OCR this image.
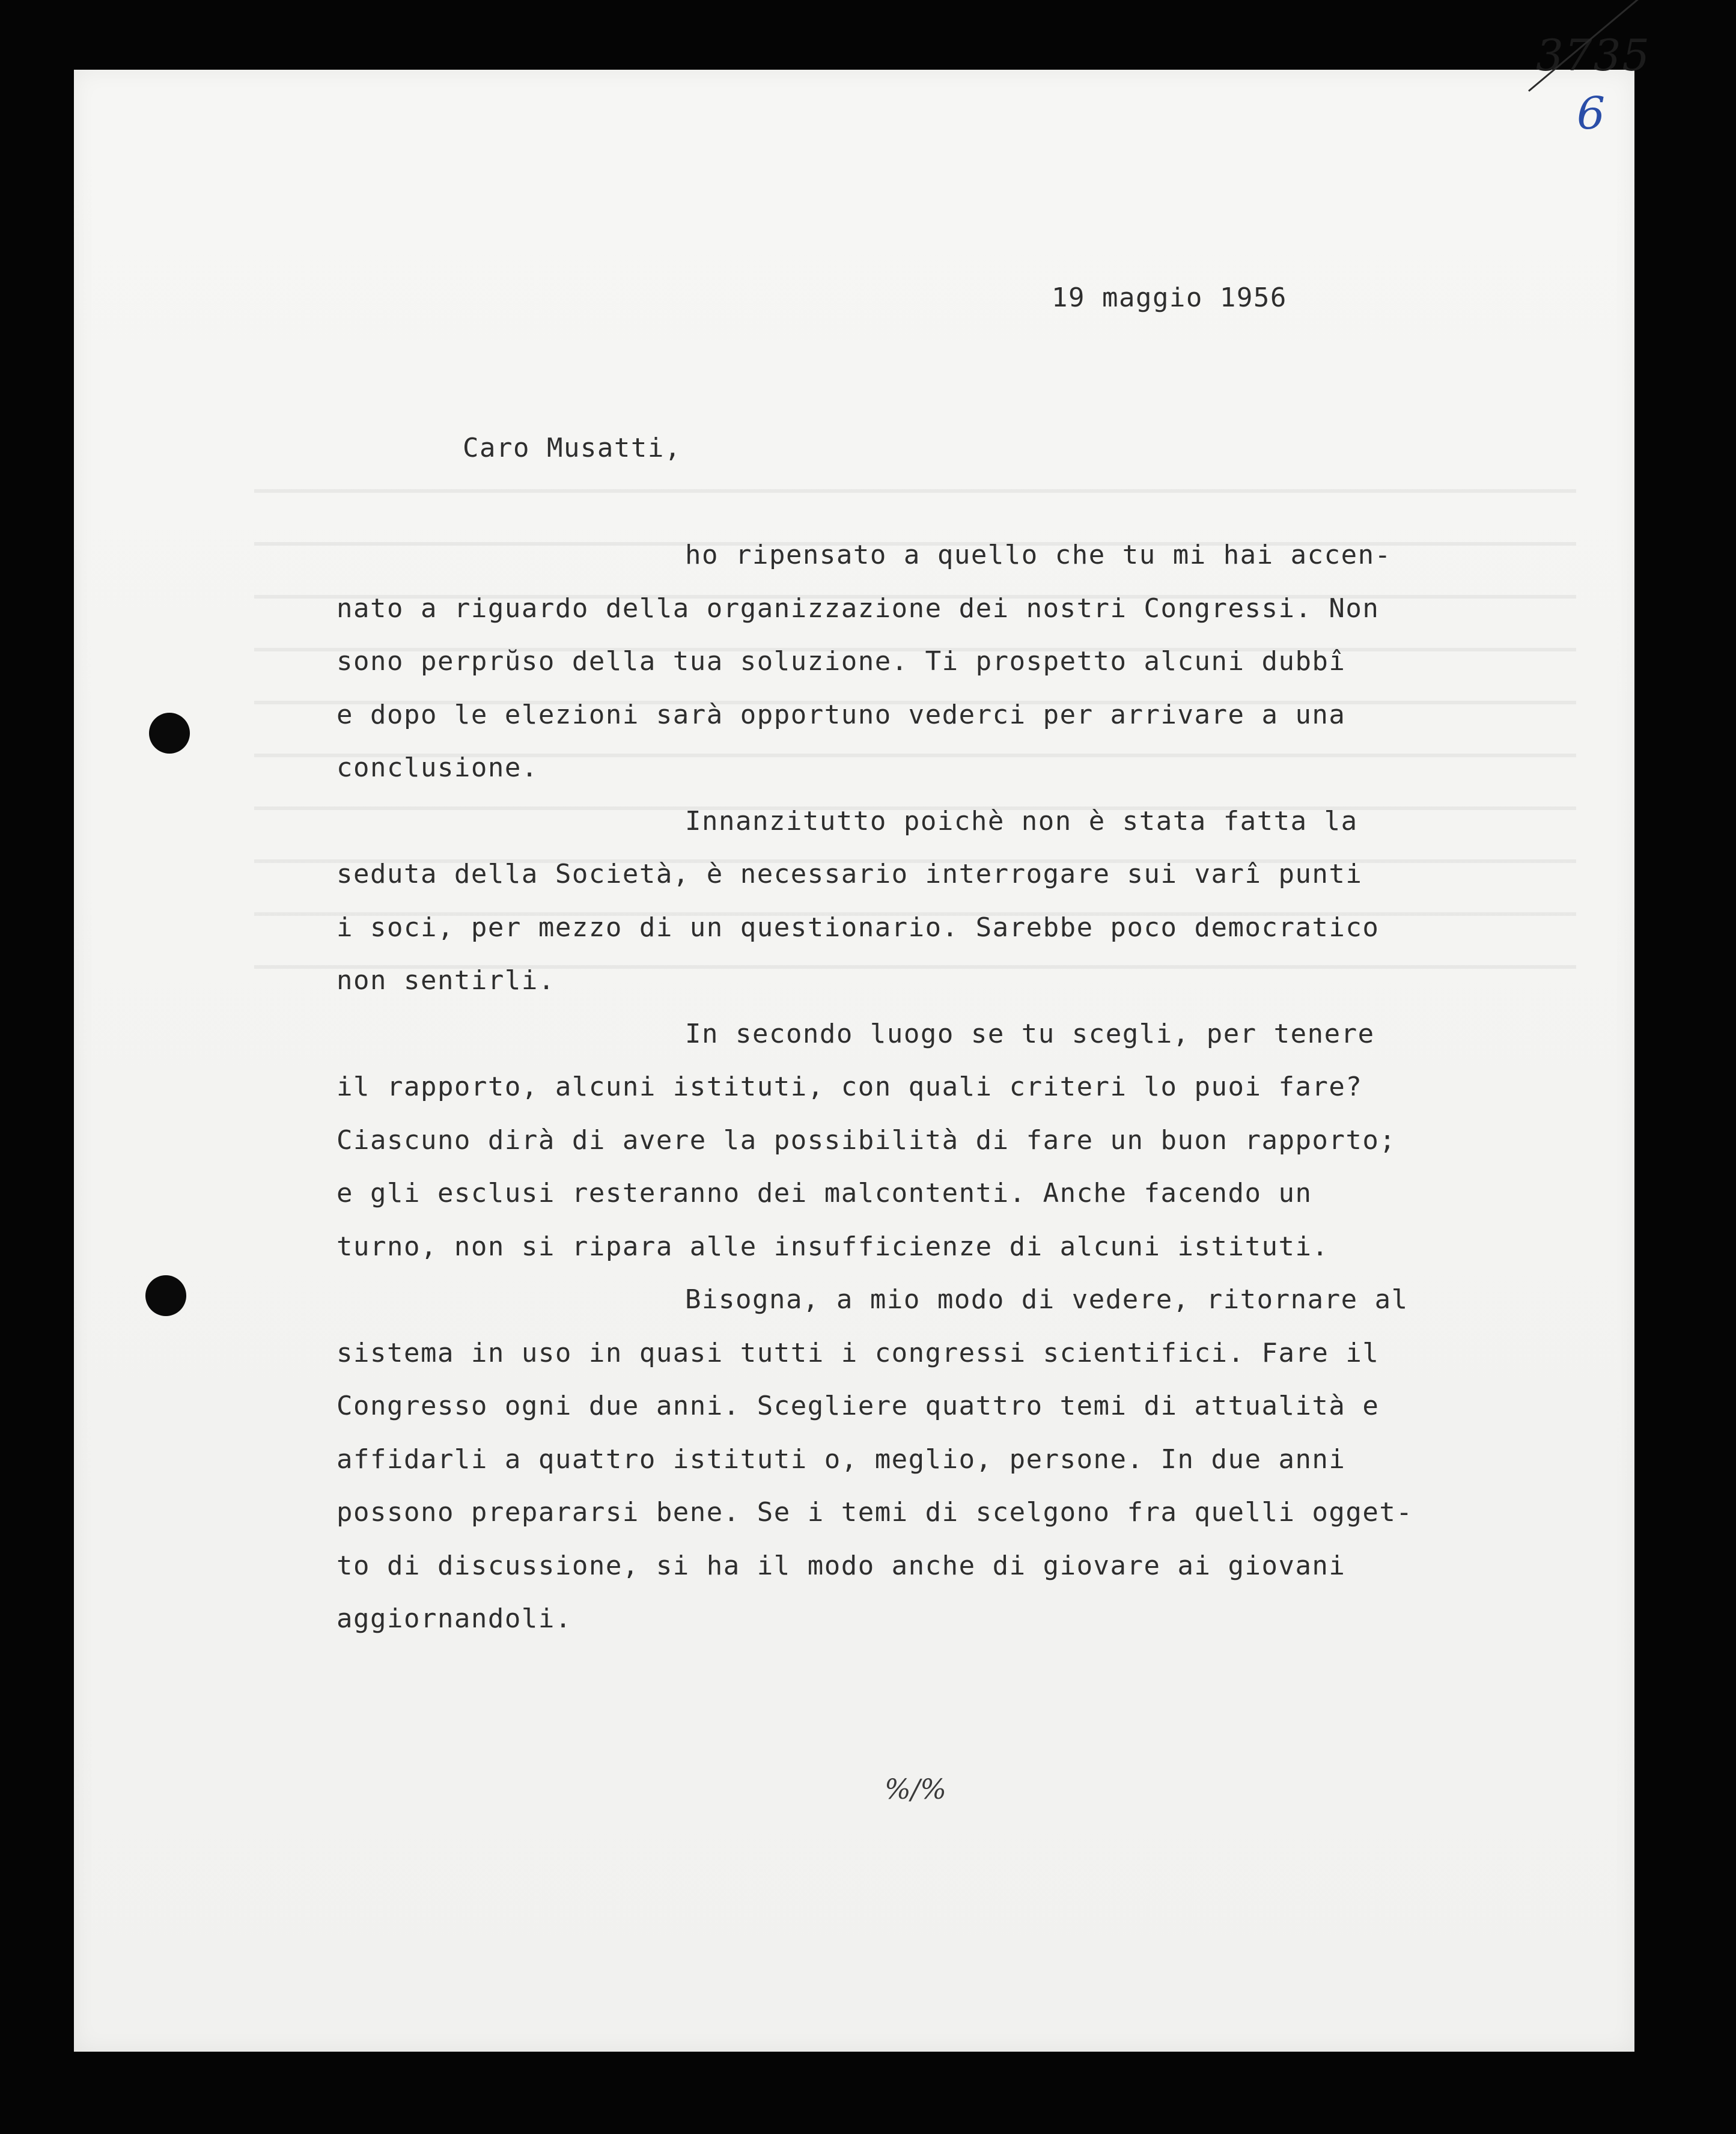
3735
6
19 maggio 1956
Caro Musatti,
ho ripensato a quello che tu mi hai accen-
nato a riguardo della organizzazione dei nostri Congressi. Non
sono perprŭso della tua soluzione. Ti prospetto alcuni dubbî
e dopo le elezioni sarà opportuno vederci per arrivare a una
conclusione.
Innanzitutto poichè non è stata fatta la
seduta della Società, è necessario interrogare sui varî punti
i soci, per mezzo di un questionario. Sarebbe poco democratico
non sentirli.
In secondo luogo se tu scegli, per tenere
il rapporto, alcuni istituti, con quali criteri lo puoi fare?
Ciascuno dirà di avere la possibilità di fare un buon rapporto;
e gli esclusi resteranno dei malcontenti. Anche facendo un
turno, non si ripara alle insufficienze di alcuni istituti.
Bisogna, a mio modo di vedere, ritornare al
sistema in uso in quasi tutti i congressi scientifici. Fare il
Congresso ogni due anni. Scegliere quattro temi di attualità e
affidarli a quattro istituti o, meglio, persone. In due anni
possono prepararsi bene. Se i temi di scelgono fra quelli ogget-
to di discussione, si ha il modo anche di giovare ai giovani
aggiornandoli.
%/%
